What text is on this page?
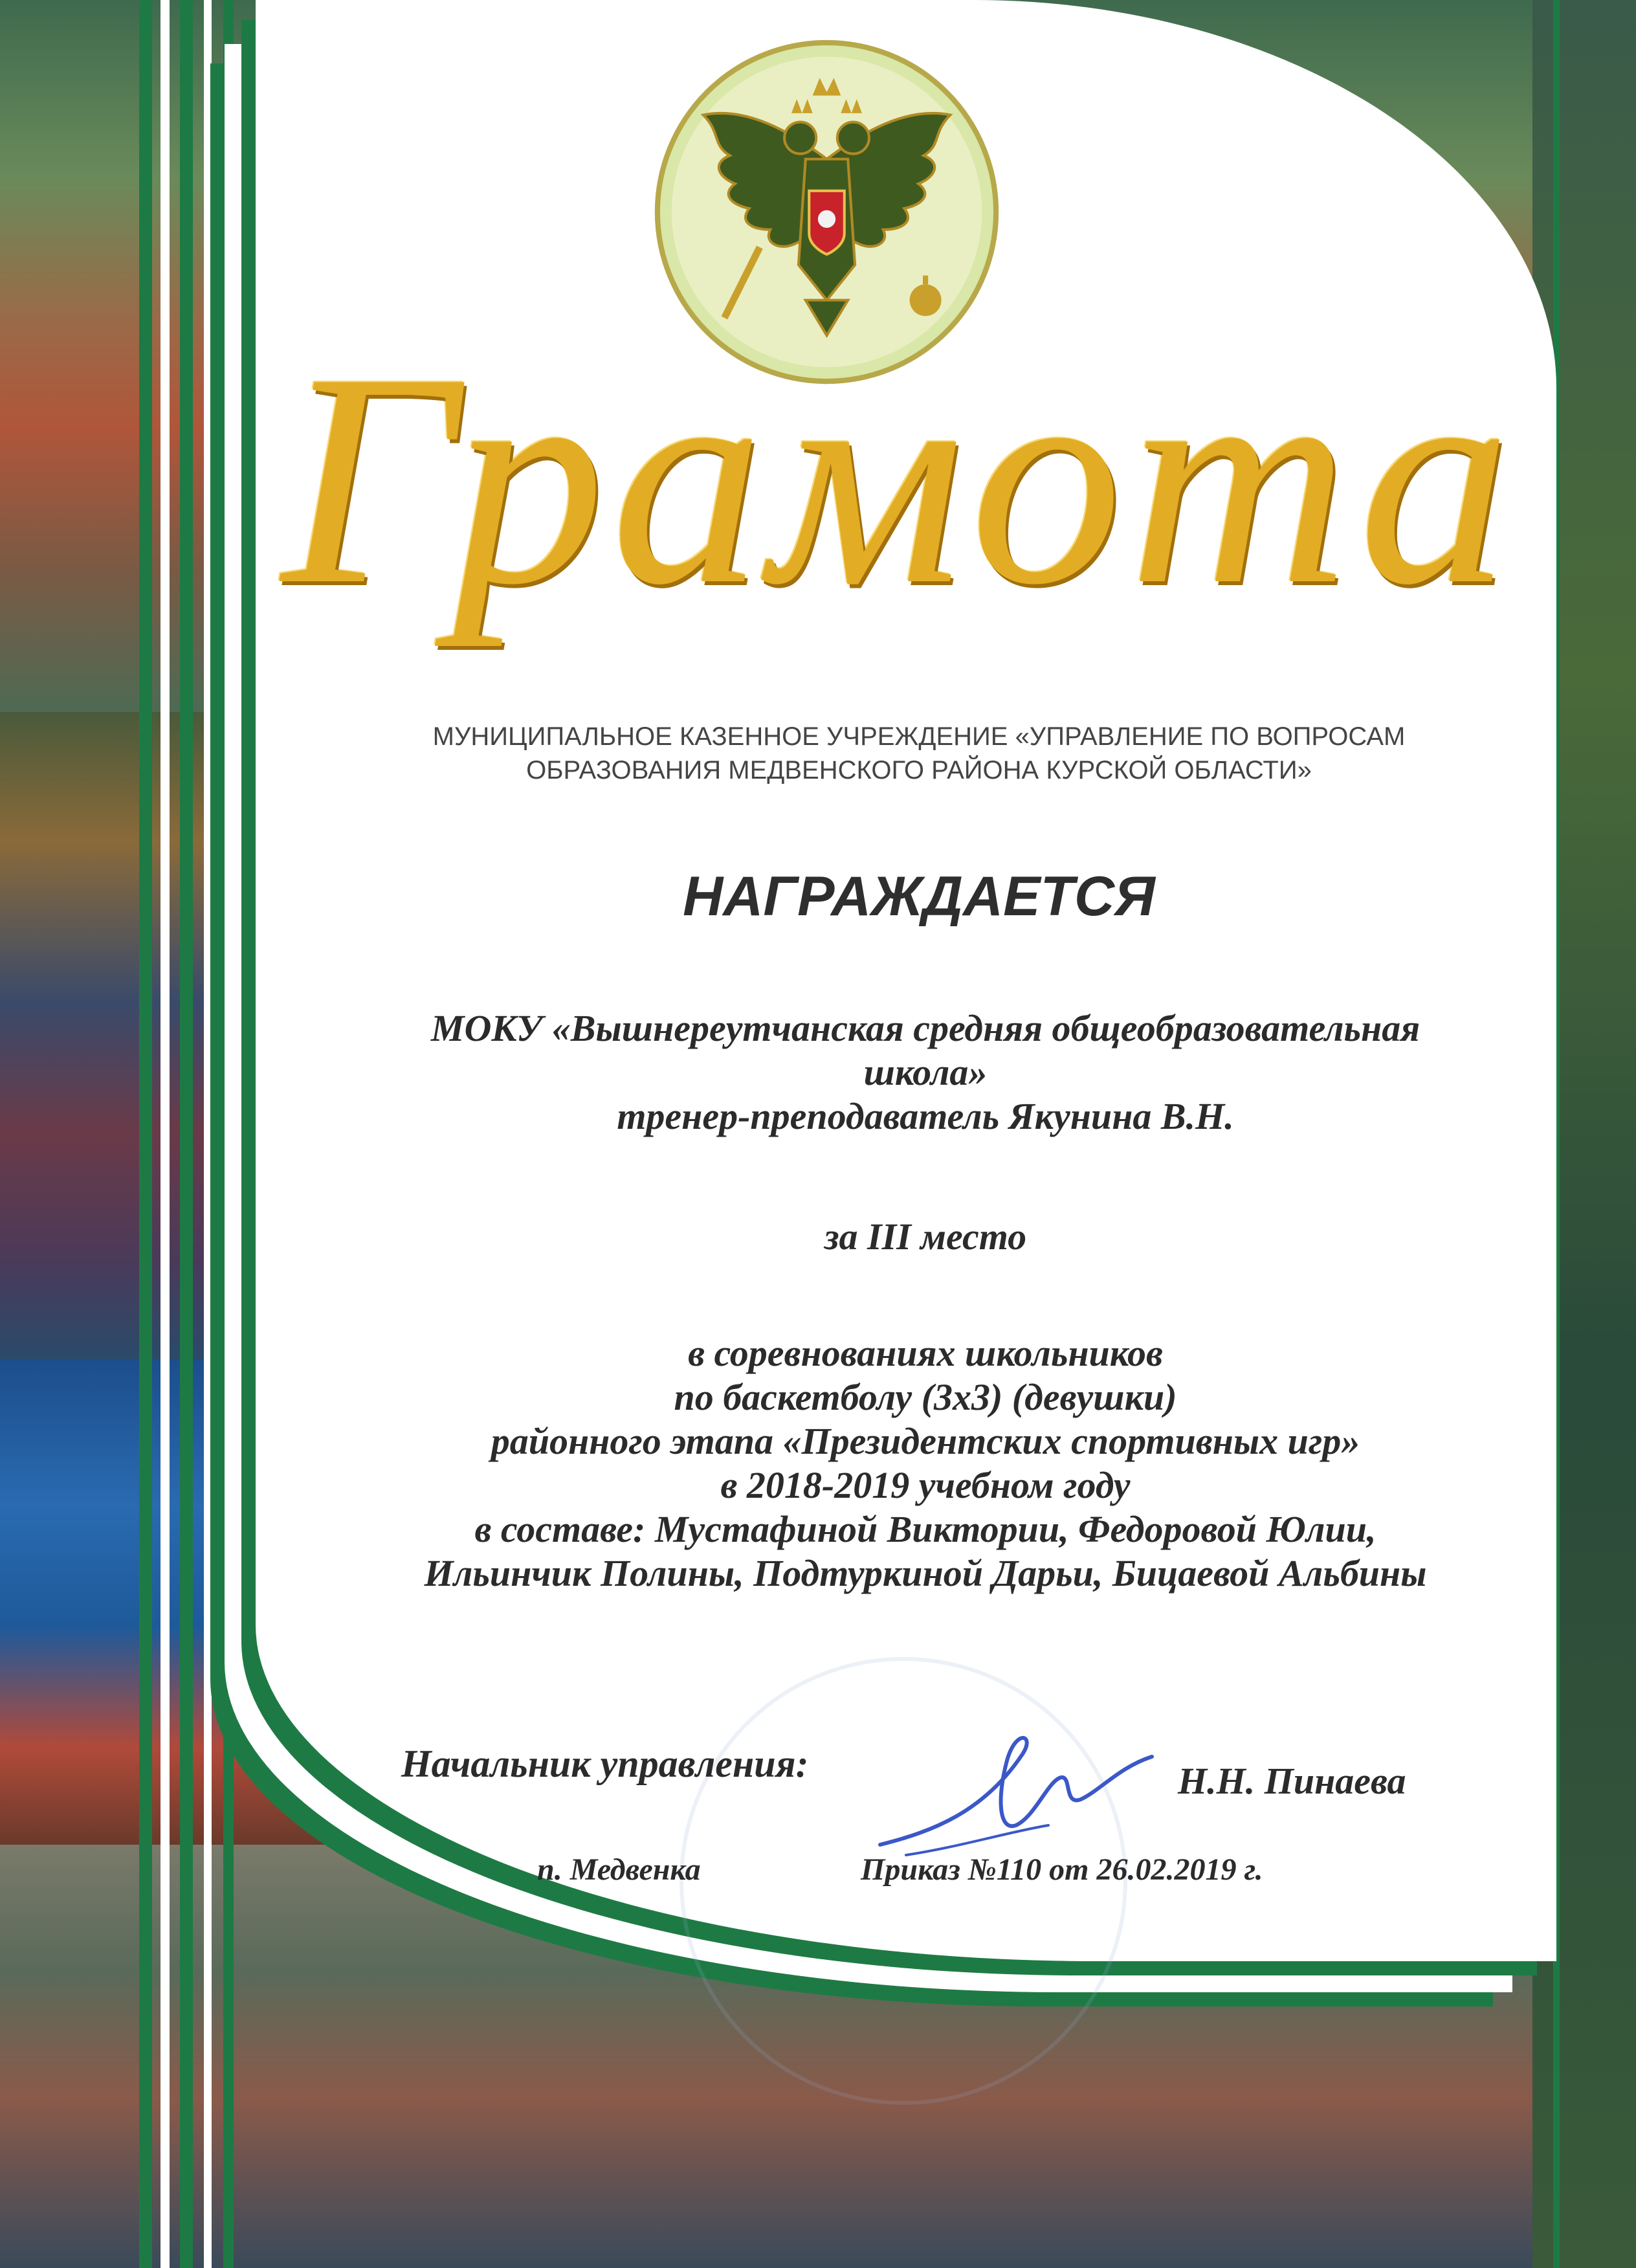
Грамота
МУНИЦИПАЛЬНОЕ КАЗЕННОЕ УЧРЕЖДЕНИЕ «УПРАВЛЕНИЕ ПО ВОПРОСАМ
ОБРАЗОВАНИЯ МЕДВЕНСКОГО РАЙОНА КУРСКОЙ ОБЛАСТИ»
НАГРАЖДАЕТСЯ
МОКУ «Вышнереутчанская средняя общеобразовательная
школа»
тренер-преподаватель Якунина В.Н.
за III место
в соревнованиях школьников
по баскетболу (3х3) (девушки)
районного этапа «Президентских спортивных игр»
в 2018-2019 учебном году
в составе: Мустафиной Виктории, Федоровой Юлии,
Ильинчик Полины, Подтуркиной Дарьи, Бицаевой Альбины
Начальник управления:	Н.Н. Пинаева
п. Медвенка	Приказ №110 от 26.02.2019 г.
